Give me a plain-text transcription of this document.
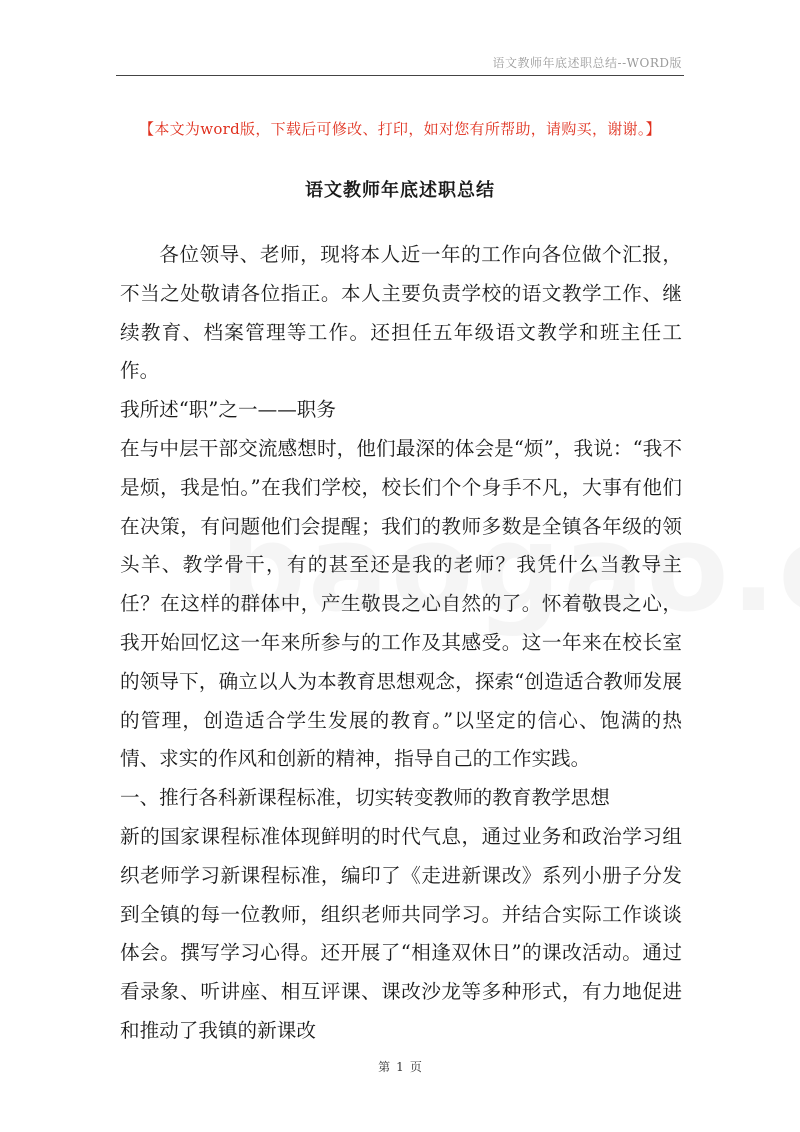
语文教师年底述职总结--WORD版
【本文为word版，下载后可修改、打印，如对您有所帮助，请购买，谢谢。】
语文教师年底述职总结

各位领导、老师，现将本人近一年的工作向各位做个汇报，不当之处敬请各位指正。本人主要负责学校的语文教学工作、继续教育、档案管理等工作。还担任五年级语文教学和班主任工作。

我所述“职”之一——职务

在与中层干部交流感想时，他们最深的体会是“烦”，我说：“我不是烦，我是怕。”在我们学校，校长们个个身手不凡，大事有他们在决策，有问题他们会提醒；我们的教师多数是全镇各年级的领头羊、教学骨干，有的甚至还是我的老师？我凭什么当教导主任？在这样的群体中，产生敬畏之心自然的了。怀着敬畏之心，我开始回忆这一年来所参与的工作及其感受。这一年来在校长室的领导下，确立以人为本教育思想观念，探索“创造适合教师发展的管理，创造适合学生发展的教育。”以坚定的信心、饱满的热情、求实的作风和创新的精神，指导自己的工作实践。

一、推行各科新课程标准，切实转变教师的教育教学思想

新的国家课程标准体现鲜明的时代气息，通过业务和政治学习组织老师学习新课程标准，编印了《走进新课改》系列小册子分发到全镇的每一位教师，组织老师共同学习。并结合实际工作谈谈体会。撰写学习心得。还开展了“相逢双休日”的课改活动。通过看录象、听讲座、相互评课、课改沙龙等多种形式，有力地促进和推动了我镇的新课改

第 1 页
